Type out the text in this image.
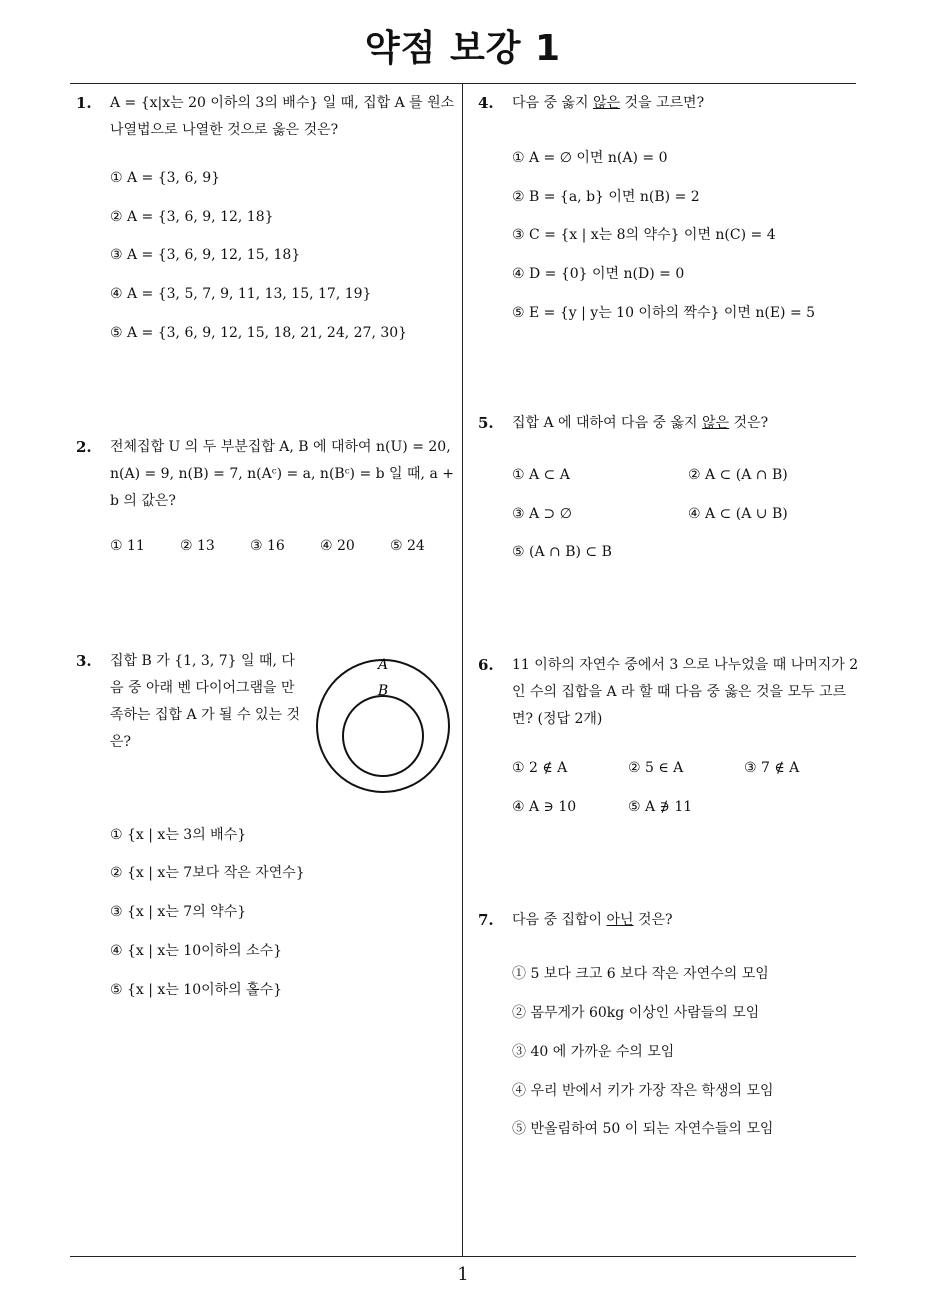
약점 보강 1
1
1. A = {x|x는 20 이하의 3의 배수} 일 때, 집합 A 를 원소나열법으로 나열한 것으로 옳은 것은?
① A = {3, 6, 9}
② A = {3, 6, 9, 12, 18}
③ A = {3, 6, 9, 12, 15, 18}
④ A = {3, 5, 7, 9, 11, 13, 15, 17, 19}
⑤ A = {3, 6, 9, 12, 15, 18, 21, 24, 27, 30}
2. 전체집합 U 의 두 부분집합 A, B 에 대하여 n(U) = 20, n(A) = 9, n(B) = 7, n(Aᶜ) = a, n(Bᶜ) = b 일 때, a + b 의 값은?
① 11	② 13	③ 16	④ 20	⑤ 24
3. 집합 B 가 {1, 3, 7} 일 때, 다음 중 아래 벤 다이어그램을 만족하는 집합 A 가 될 수 있는 것은?
A
B
① {x | x는 3의 배수}
② {x | x는 7보다 작은 자연수}
③ {x | x는 7의 약수}
④ {x | x는 10이하의 소수}
⑤ {x | x는 10이하의 홀수}
4. 다음 중 옳지 않은 것을 고르면?
① A = ∅ 이면 n(A) = 0
② B = {a, b} 이면 n(B) = 2
③ C = {x | x는 8의 약수} 이면 n(C) = 4
④ D = {0} 이면 n(D) = 0
⑤ E = {y | y는 10 이하의 짝수} 이면 n(E) = 5
5. 집합 A 에 대하여 다음 중 옳지 않은 것은?
① A ⊂ A	② A ⊂ (A ∩ B)
③ A ⊃ ∅	④ A ⊂ (A ∪ B)
⑤ (A ∩ B) ⊂ B
6. 11 이하의 자연수 중에서 3 으로 나누었을 때 나머지가 2 인 수의 집합을 A 라 할 때 다음 중 옳은 것을 모두 고르면? (정답 2개)
① 2 ∉ A	② 5 ∈ A	③ 7 ∉ A
④ A ∋ 10	⑤ A ∌ 11
7. 다음 중 집합이 아닌 것은?
① 5 보다 크고 6 보다 작은 자연수의 모임
② 몸무게가 60kg 이상인 사람들의 모임
③ 40 에 가까운 수의 모임
④ 우리 반에서 키가 가장 작은 학생의 모임
⑤ 반올림하여 50 이 되는 자연수들의 모임
